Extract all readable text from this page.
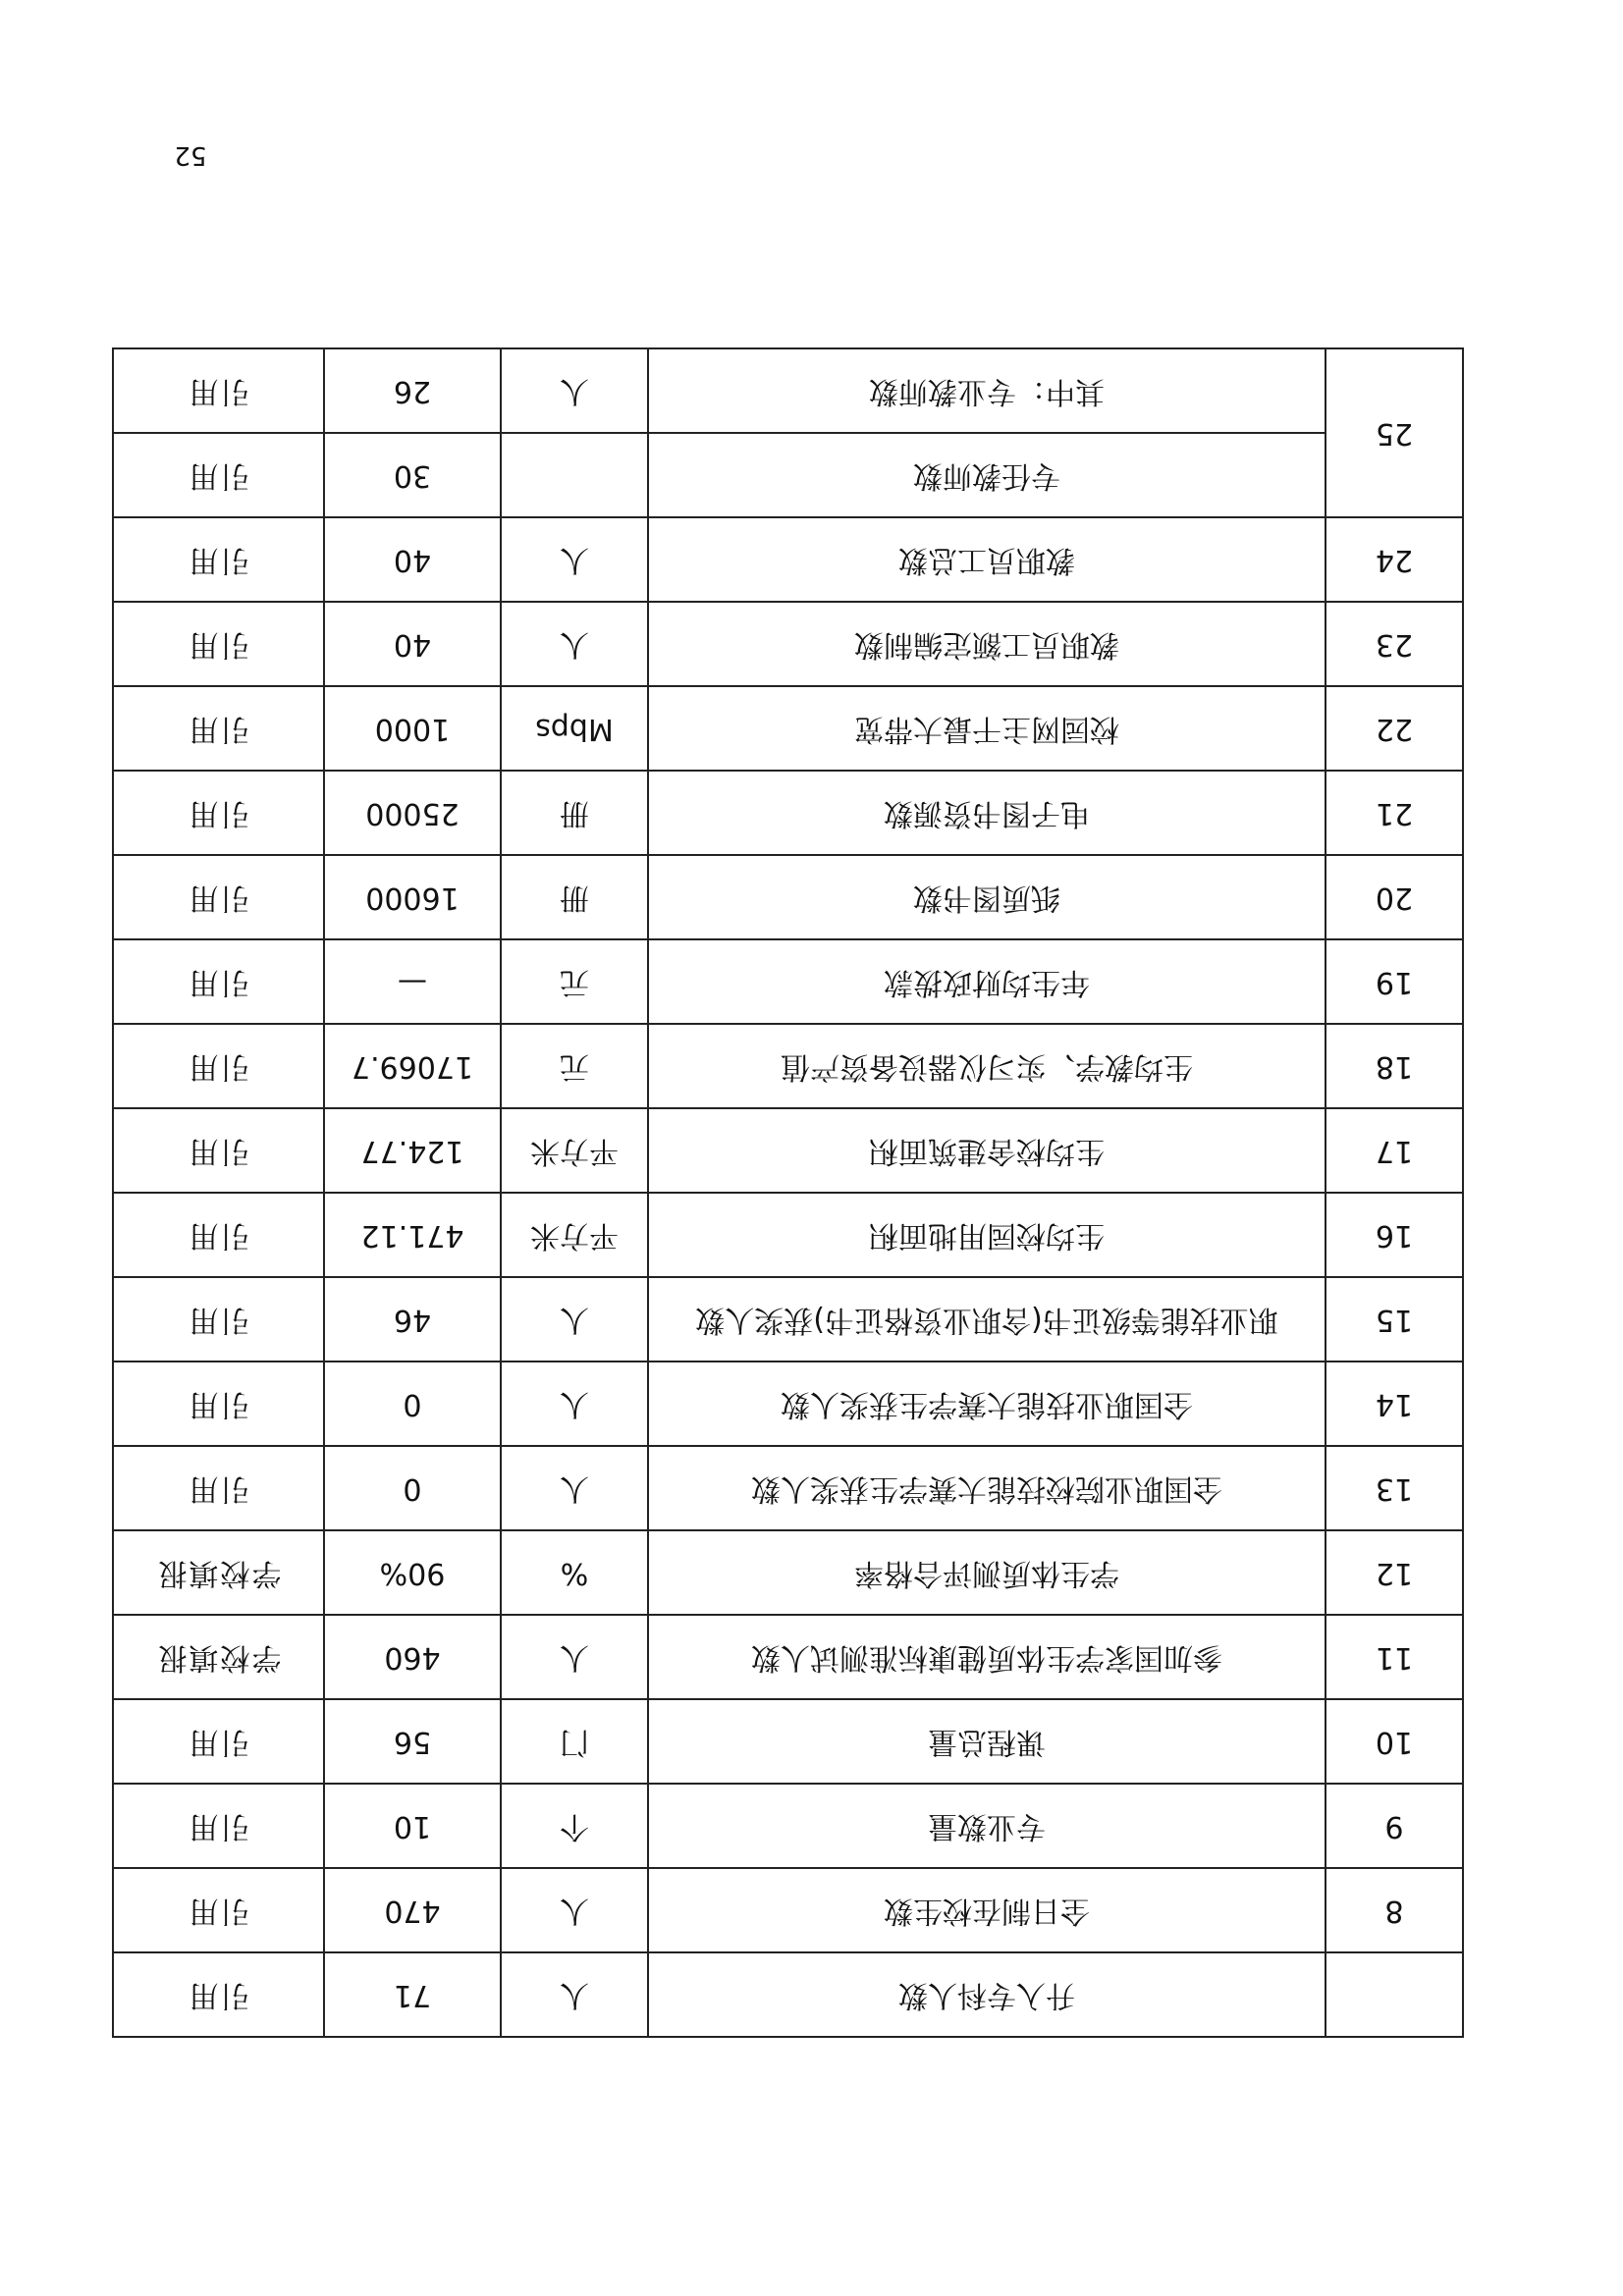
52
	升入专科人数	人	71	引用
8	全日制在校生数	人	470	引用
9	专业数量	个	10	引用
10	课程总量	门	56	引用
11	参加国家学生体质健康标准测试人数	人	460	学校填报
12	学生体质测评合格率	%	90%	学校填报
13	全国职业院校技能大赛学生获奖人数	人	0	引用
14	全国职业技能大赛学生获奖人数	人	0	引用
15	职业技能等级证书(含职业资格证书)获奖人数	人	46	引用
16	生均校园用地面积	平方米	471.12	引用
17	生均校舍建筑面积	平方米	124.77	引用
18	生均教学、实习仪器设备资产值	元	17069.7	引用
19	年生均财政拨款	元	—	引用
20	纸质图书数	册	16000	引用
21	电子图书资源数	册	25000	引用
22	校园网主干最大带宽	Mbps	1000	引用
23	教职员工额定编制数	人	40	引用
24	教职员工总数	人	40	引用
25	专任教师数		30	引用
	其中：专业教师数	人	26	引用
